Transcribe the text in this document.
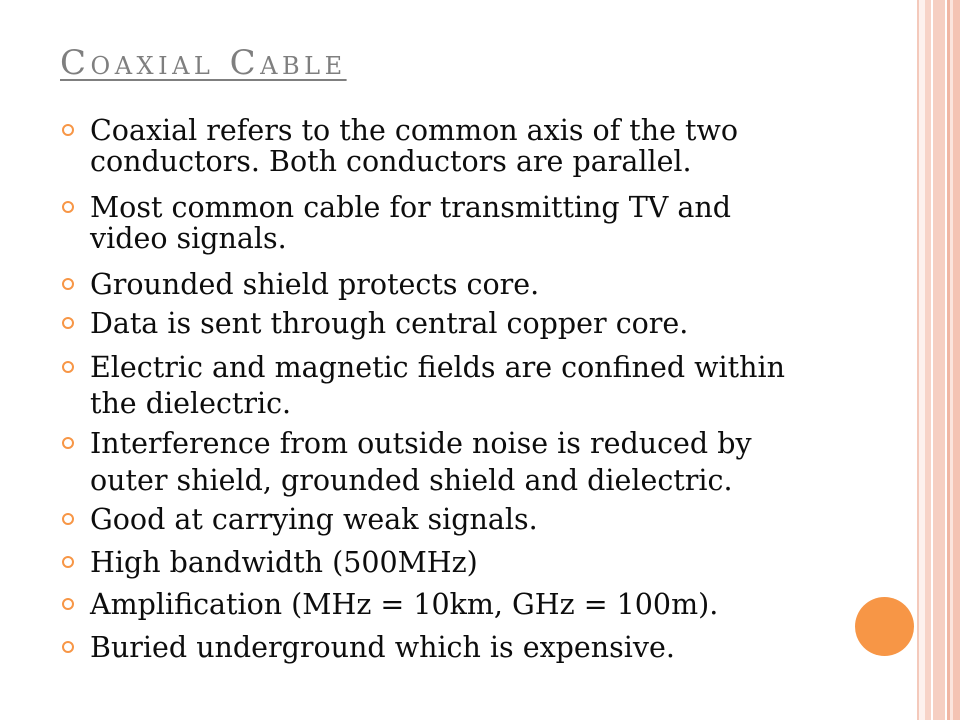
Coaxial Cable
Coaxial refers to the common axis of the two
conductors. Both conductors are parallel.
Most common cable for transmitting TV and
video signals.
Grounded shield protects core.
Data is sent through central copper core.
Electric and magnetic fields are confined within
the dielectric.
Interference from outside noise is reduced by
outer shield, grounded shield and dielectric.
Good at carrying weak signals.
High bandwidth (500MHz)
Amplification (MHz = 10km, GHz = 100m).
Buried underground which is expensive.
